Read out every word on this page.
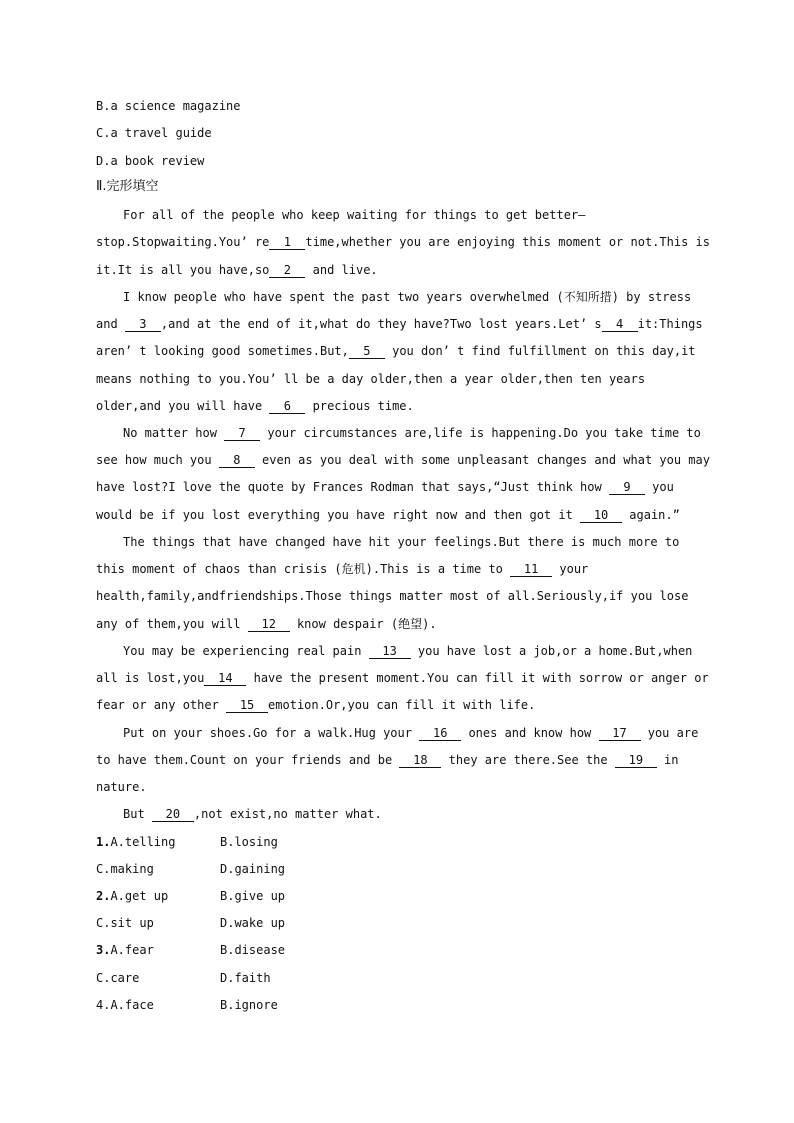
B.a science magazine
C.a travel guide
D.a book review
Ⅱ.完形填空
For all of the people who keep waiting for things to get better—
stop.Stopwaiting.You’ re 1 time,whether you are enjoying this moment or not.This is
it.It is all you have,so 2 and live.
I know people who have spent the past two years overwhelmed (不知所措) by stress
and 3 ,and at the end of it,what do they have?Two lost years.Let’ s 4 it:Things
aren’ t looking good sometimes.But, 5 you don’ t find fulfillment on this day,it
means nothing to you.You’ ll be a day older,then a year older,then ten years
older,and you will have 6 precious time.
No matter how 7 your circumstances are,life is happening.Do you take time to
see how much you 8 even as you deal with some unpleasant changes and what you may
have lost?I love the quote by Frances Rodman that says,“Just think how 9 you
would be if you lost everything you have right now and then got it 10 again.”
The things that have changed have hit your feelings.But there is much more to
this moment of chaos than crisis (危机).This is a time to 11 your
health,family,andfriendships.Those things matter most of all.Seriously,if you lose
any of them,you will 12 know despair (绝望).
You may be experiencing real pain 13 you have lost a job,or a home.But,when
all is lost,you 14 have the present moment.You can fill it with sorrow or anger or
fear or any other 15 emotion.Or,you can fill it with life.
Put on your shoes.Go for a walk.Hug your 16 ones and know how 17 you are
to have them.Count on your friends and be 18 they are there.See the 19 in
nature.
But 20 ,not exist,no matter what.
1.A.telling	B.losing
C.making	D.gaining
2.A.get up	B.give up
C.sit up	D.wake up
3.A.fear	B.disease
C.care	D.faith
4.A.face	B.ignore
